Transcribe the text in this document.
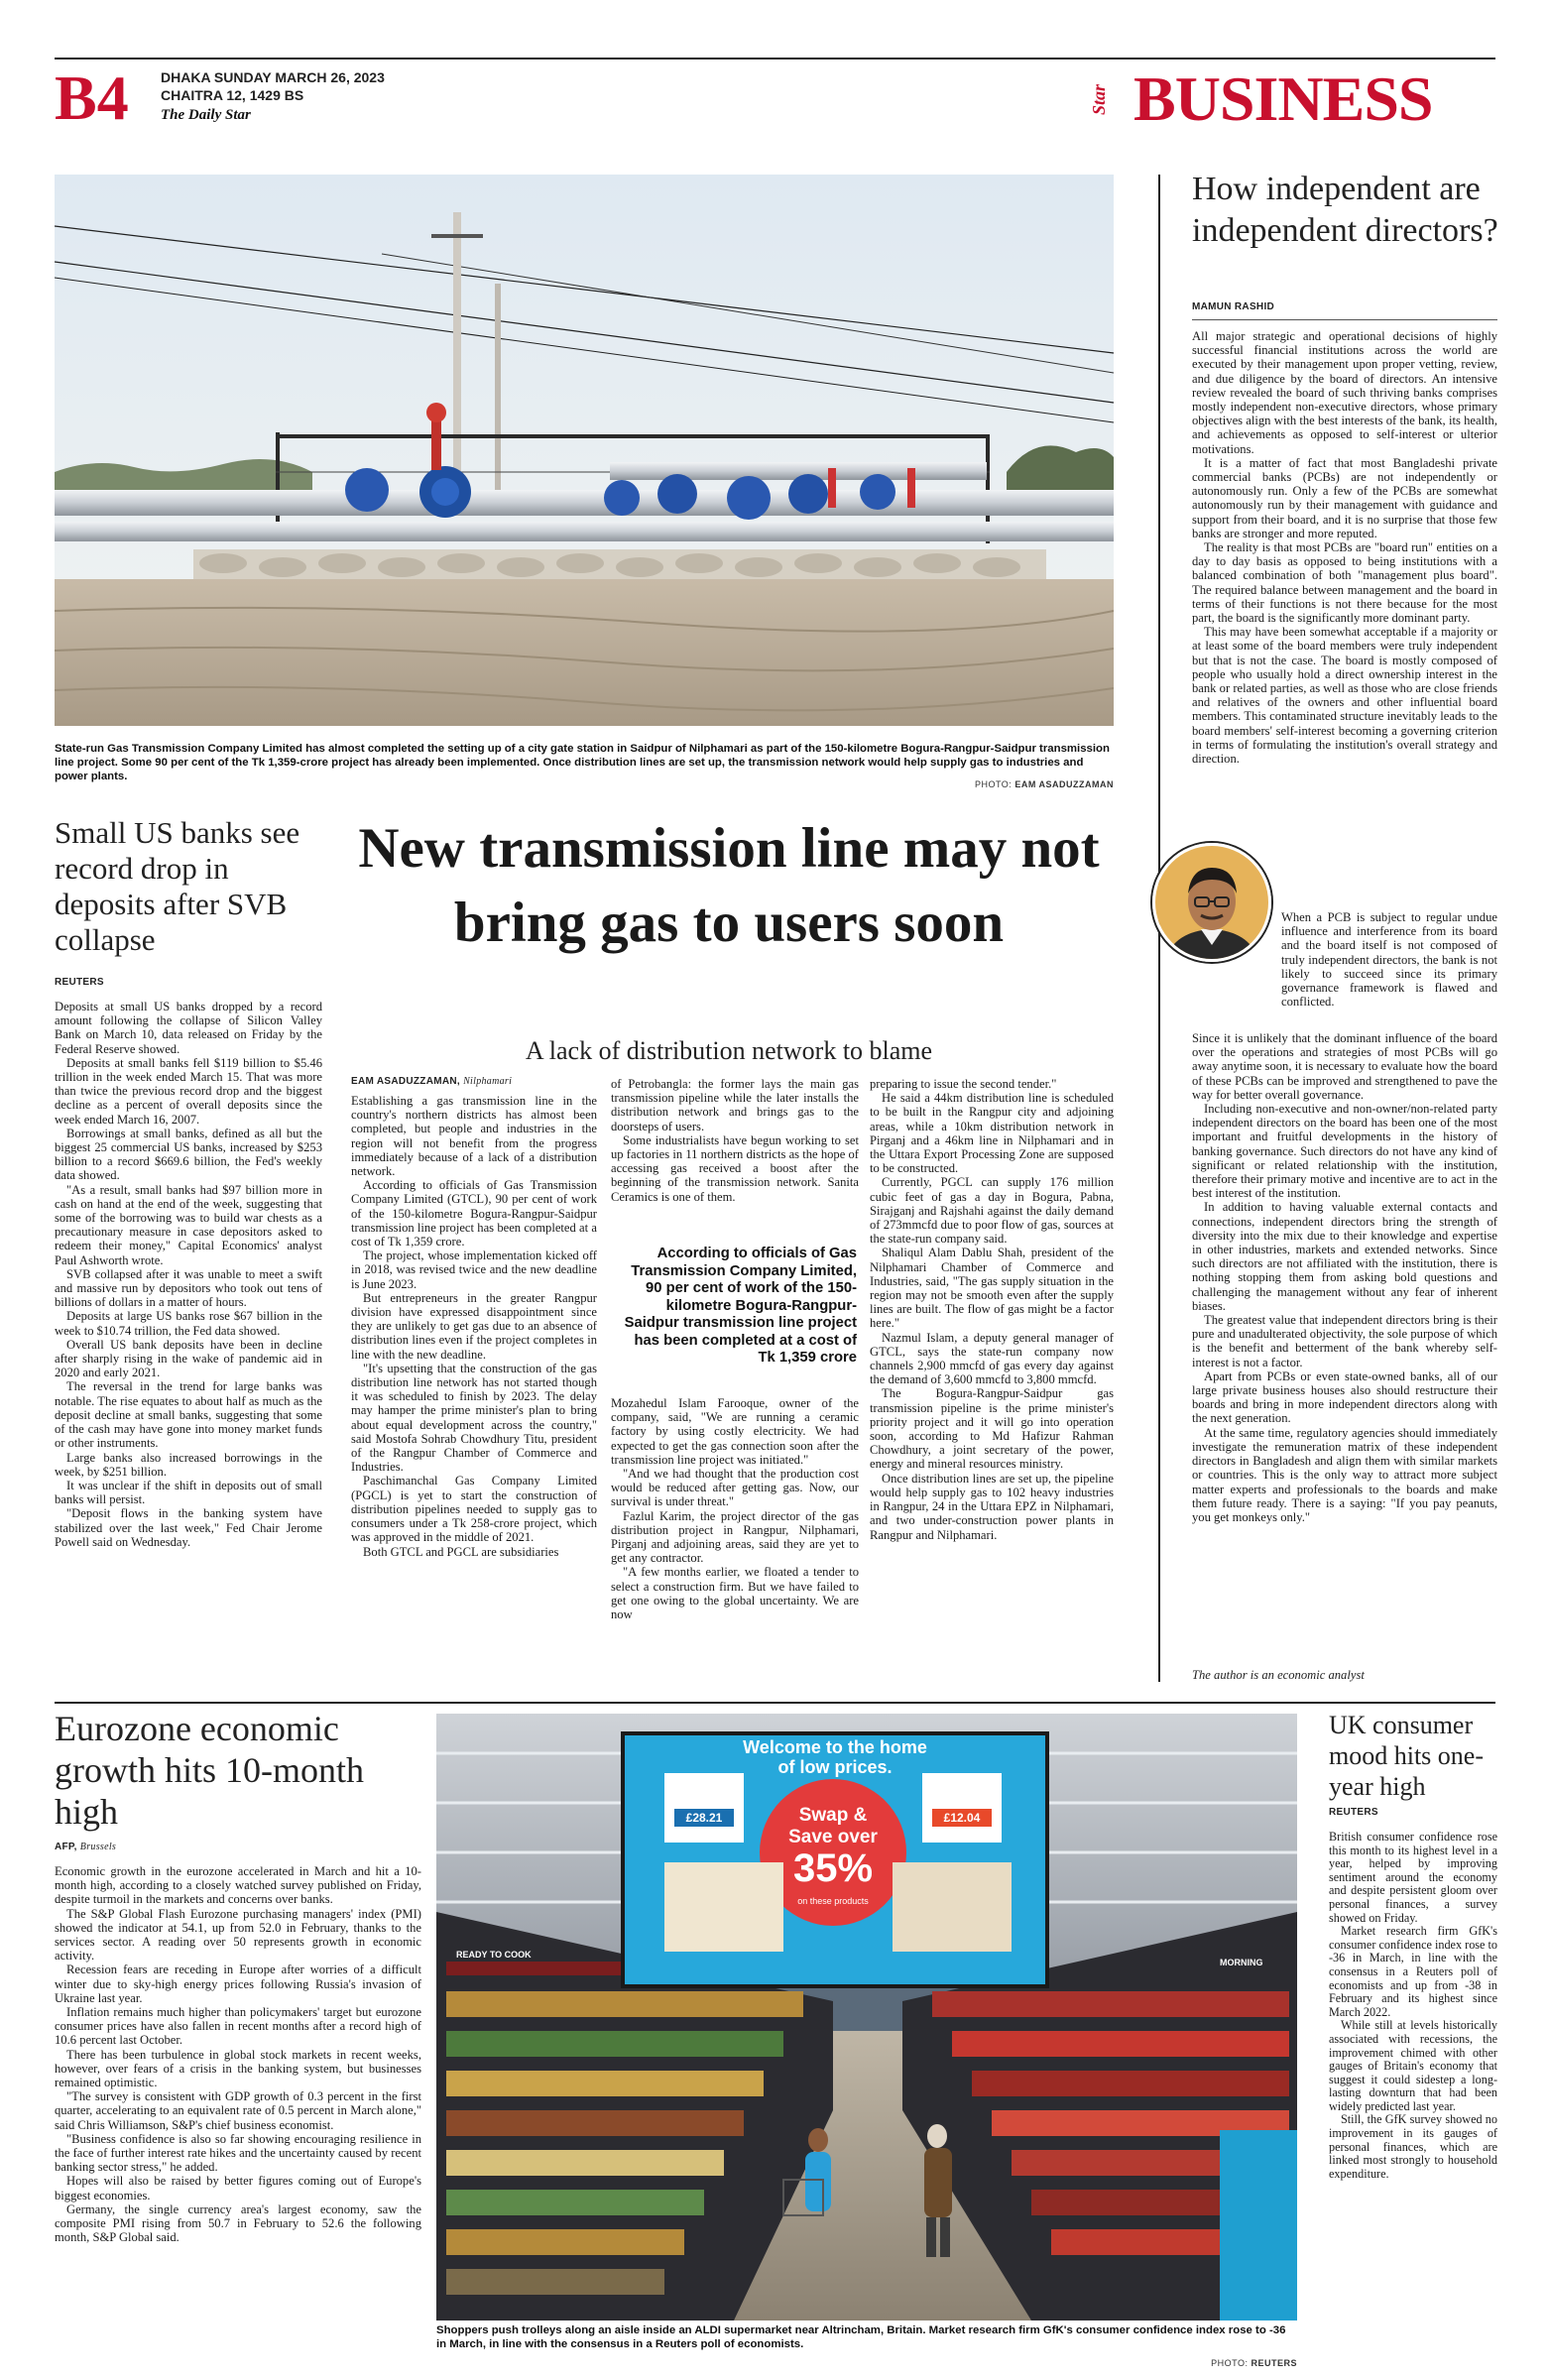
B4	DHAKA SUNDAY MARCH 26, 2023
CHAITRA 12, 1429 BS
The Daily Star
Star BUSINESS
State-run Gas Transmission Company Limited has almost completed the setting up of a city gate station in Saidpur of Nilphamari as part of the 150-kilometre Bogura-Rangpur-Saidpur transmission line project. Some 90 per cent of the Tk 1,359-crore project has already been implemented. Once distribution lines are set up, the transmission network would help supply gas to industries and power plants.
PHOTO: EAM ASADUZZAMAN
Small US banks see record drop in deposits after SVB collapse
REUTERS

Deposits at small US banks dropped by a record amount following the collapse of Silicon Valley Bank on March 10, data released on Friday by the Federal Reserve showed.

Deposits at small banks fell $119 billion to $5.46 trillion in the week ended March 15. That was more than twice the previous record drop and the biggest decline as a percent of overall deposits since the week ended March 16, 2007.

Borrowings at small banks, defined as all but the biggest 25 commercial US banks, increased by $253 billion to a record $669.6 billion, the Fed's weekly data showed.

"As a result, small banks had $97 billion more in cash on hand at the end of the week, suggesting that some of the borrowing was to build war chests as a precautionary measure in case depositors asked to redeem their money," Capital Economics' analyst Paul Ashworth wrote.

SVB collapsed after it was unable to meet a swift and massive run by depositors who took out tens of billions of dollars in a matter of hours.

Deposits at large US banks rose $67 billion in the week to $10.74 trillion, the Fed data showed.

Overall US bank deposits have been in decline after sharply rising in the wake of pandemic aid in 2020 and early 2021.

The reversal in the trend for large banks was notable. The rise equates to about half as much as the deposit decline at small banks, suggesting that some of the cash may have gone into money market funds or other instruments.

Large banks also increased borrowings in the week, by $251 billion.

It was unclear if the shift in deposits out of small banks will persist.

"Deposit flows in the banking system have stabilized over the last week," Fed Chair Jerome Powell said on Wednesday.

New transmission line may not bring gas to users soon
A lack of distribution network to blame
EAM ASADUZZAMAN, Nilphamari

Establishing a gas transmission line in the country's northern districts has almost been completed, but people and industries in the region will not benefit from the progress immediately because of a lack of a distribution network.

According to officials of Gas Transmission Company Limited (GTCL), 90 per cent of work of the 150-kilometre Bogura-Rangpur-Saidpur transmission line project has been completed at a cost of Tk 1,359 crore.

The project, whose implementation kicked off in 2018, was revised twice and the new deadline is June 2023.

But entrepreneurs in the greater Rangpur division have expressed disappointment since they are unlikely to get gas due to an absence of distribution lines even if the project completes in line with the new deadline.

"It's upsetting that the construction of the gas distribution line network has not started though it was scheduled to finish by 2023. The delay may hamper the prime minister's plan to bring about equal development across the country," said Mostofa Sohrab Chowdhury Titu, president of the Rangpur Chamber of Commerce and Industries.

Paschimanchal Gas Company Limited (PGCL) is yet to start the construction of distribution pipelines needed to supply gas to consumers under a Tk 258-crore project, which was approved in the middle of 2021.

Both GTCL and PGCL are subsidiaries

of Petrobangla: the former lays the main gas transmission pipeline while the later installs the distribution network and brings gas to the doorsteps of users.

Some industrialists have begun working to set up factories in 11 northern districts as the hope of accessing gas received a boost after the beginning of the transmission network. Sanita Ceramics is one of them.

According to officials of Gas Transmission Company Limited, 90 per cent of work of the 150-kilometre Bogura-Rangpur-Saidpur transmission line project has been completed at a cost of Tk 1,359 crore

Mozahedul Islam Farooque, owner of the company, said, "We are running a ceramic factory by using costly electricity. We had expected to get the gas connection soon after the transmission line project was initiated."

"And we had thought that the production cost would be reduced after getting gas. Now, our survival is under threat."

Fazlul Karim, the project director of the gas distribution project in Rangpur, Nilphamari, Pirganj and adjoining areas, said they are yet to get any contractor.

"A few months earlier, we floated a tender to select a construction firm. But we have failed to get one owing to the global uncertainty. We are now

preparing to issue the second tender."

He said a 44km distribution line is scheduled to be built in the Rangpur city and adjoining areas, while a 10km distribution network in Pirganj and a 46km line in Nilphamari and in the Uttara Export Processing Zone are supposed to be constructed.

Currently, PGCL can supply 176 million cubic feet of gas a day in Bogura, Pabna, Sirajganj and Rajshahi against the daily demand of 273mmcfd due to poor flow of gas, sources at the state-run company said.

Shaliqul Alam Dablu Shah, president of the Nilphamari Chamber of Commerce and Industries, said, "The gas supply situation in the region may not be smooth even after the supply lines are built. The flow of gas might be a factor here."

Nazmul Islam, a deputy general manager of GTCL, says the state-run company now channels 2,900 mmcfd of gas every day against the demand of 3,600 mmcfd to 3,800 mmcfd.

The Bogura-Rangpur-Saidpur gas transmission pipeline is the prime minister's priority project and it will go into operation soon, according to Md Hafizur Rahman Chowdhury, a joint secretary of the power, energy and mineral resources ministry.

Once distribution lines are set up, the pipeline would help supply gas to 102 heavy industries in Rangpur, 24 in the Uttara EPZ in Nilphamari, and two under-construction power plants in Rangpur and Nilphamari.

How independent are independent directors?
MAMUN RASHID

All major strategic and operational decisions of highly successful financial institutions across the world are executed by their management upon proper vetting, review, and due diligence by the board of directors. An intensive review revealed the board of such thriving banks comprises mostly independent non-executive directors, whose primary objectives align with the best interests of the bank, its health, and achievements as opposed to self-interest or ulterior motivations.

It is a matter of fact that most Bangladeshi private commercial banks (PCBs) are not independently or autonomously run. Only a few of the PCBs are somewhat autonomously run by their management with guidance and support from their board, and it is no surprise that those few banks are stronger and more reputed.

The reality is that most PCBs are "board run" entities on a day to day basis as opposed to being institutions with a balanced combination of both "management plus board". The required balance between management and the board in terms of their functions is not there because for the most part, the board is the significantly more dominant party.

This may have been somewhat acceptable if a majority or at least some of the board members were truly independent but that is not the case. The board is mostly composed of people who usually hold a direct ownership interest in the bank or related parties, as well as those who are close friends and relatives of the owners and other influential board members. This contaminated structure inevitably leads to the board members' self-interest becoming a governing criterion in terms of formulating the institution's overall strategy and direction.

When a PCB is subject to regular undue influence and interference from its board and the board itself is not composed of truly independent directors, the bank is not likely to succeed since its primary governance framework is flawed and conflicted.

Since it is unlikely that the dominant influence of the board over the operations and strategies of most PCBs will go away anytime soon, it is necessary to evaluate how the board of these PCBs can be improved and strengthened to pave the way for better overall governance.

Including non-executive and non-owner/non-related party independent directors on the board has been one of the most important and fruitful developments in the history of banking governance. Such directors do not have any kind of significant or related relationship with the institution, therefore their primary motive and incentive are to act in the best interest of the institution.

In addition to having valuable external contacts and connections, independent directors bring the strength of diversity into the mix due to their knowledge and expertise in other industries, markets and extended networks. Since such directors are not affiliated with the institution, there is nothing stopping them from asking bold questions and challenging the management without any fear of inherent biases.

The greatest value that independent directors bring is their pure and unadulterated objectivity, the sole purpose of which is the benefit and betterment of the bank whereby self-interest is not a factor.

Apart from PCBs or even state-owned banks, all of our large private business houses also should restructure their boards and bring in more independent directors along with the next generation.

At the same time, regulatory agencies should immediately investigate the remuneration matrix of these independent directors in Bangladesh and align them with similar markets or countries. This is the only way to attract more subject matter experts and professionals to the boards and make them future ready. There is a saying: "If you pay peanuts, you get monkeys only."

The author is an economic analyst
Eurozone economic growth hits 10-month high
AFP, Brussels

Economic growth in the eurozone accelerated in March and hit a 10-month high, according to a closely watched survey published on Friday, despite turmoil in the markets and concerns over banks.

The S&P Global Flash Eurozone purchasing managers' index (PMI) showed the indicator at 54.1, up from 52.0 in February, thanks to the services sector. A reading over 50 represents growth in economic activity.

Recession fears are receding in Europe after worries of a difficult winter due to sky-high energy prices following Russia's invasion of Ukraine last year.

Inflation remains much higher than policymakers' target but eurozone consumer prices have also fallen in recent months after a record high of 10.6 percent last October.

There has been turbulence in global stock markets in recent weeks, however, over fears of a crisis in the banking system, but businesses remained optimistic.

"The survey is consistent with GDP growth of 0.3 percent in the first quarter, accelerating to an equivalent rate of 0.5 percent in March alone," said Chris Williamson, S&P's chief business economist.

"Business confidence is also so far showing encouraging resilience in the face of further interest rate hikes and the uncertainty caused by recent banking sector stress," he added.

Hopes will also be raised by better figures coming out of Europe's biggest economies.

Germany, the single currency area's largest economy, saw the composite PMI rising from 50.7 in February to 52.6 the following month, S&P Global said.

Welcome to the home
of low prices.
£28.21	£12.04
Swap &
Save over
35%
on these products
READY TO COOK
MORNING
Shoppers push trolleys along an aisle inside an ALDI supermarket near Altrincham, Britain. Market research firm GfK's consumer confidence index rose to -36 in March, in line with the consensus in a Reuters poll of economists.
PHOTO: REUTERS
UK consumer mood hits one-year high
REUTERS

British consumer confidence rose this month to its highest level in a year, helped by improving sentiment around the economy and despite persistent gloom over personal finances, a survey showed on Friday.

Market research firm GfK's consumer confidence index rose to -36 in March, in line with the consensus in a Reuters poll of economists and up from -38 in February and its highest since March 2022.

While still at levels historically associated with recessions, the improvement chimed with other gauges of Britain's economy that suggest it could sidestep a long-lasting downturn that had been widely predicted last year.

Still, the GfK survey showed no improvement in its gauges of personal finances, which are linked most strongly to household expenditure.
